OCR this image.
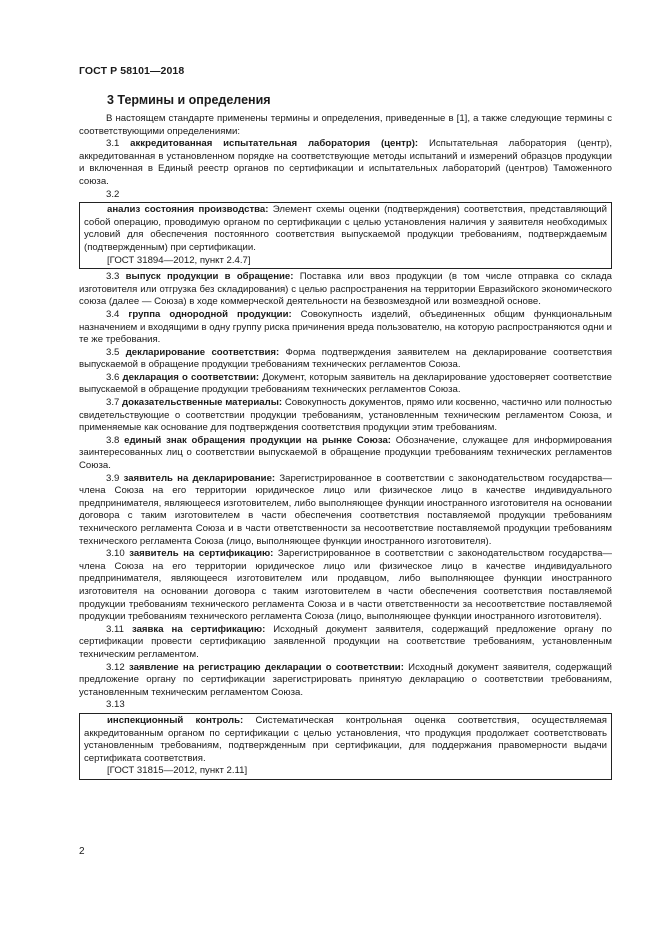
ГОСТ Р 58101—2018
3 Термины и определения

В настоящем стандарте применены термины и определения, приведенные в [1], а также следующие термины с соответствующими определениями:

3.1 аккредитованная испытательная лаборатория (центр): Испытательная лаборатория (центр), аккредитованная в установленном порядке на соответствующие методы испытаний и измерений образцов продукции и включенная в Единый реестр органов по сертификации и испытательных лабораторий (центров) Таможенного союза.

3.2

анализ состояния производства: Элемент схемы оценки (подтверждения) соответствия, представляющий собой операцию, проводимую органом по сертификации с целью установления наличия у заявителя необходимых условий для обеспечения постоянного соответствия выпускаемой продукции требованиям, подтверждаемым (подтвержденным) при сертификации.

[ГОСТ 31894—2012, пункт 2.4.7]

3.3 выпуск продукции в обращение: Поставка или ввоз продукции (в том числе отправка со склада изготовителя или отгрузка без складирования) с целью распространения на территории Евразийского экономического союза (далее — Союза) в ходе коммерческой деятельности на безвозмездной или возмездной основе.

3.4 группа однородной продукции: Совокупность изделий, объединенных общим функциональным назначением и входящими в одну группу риска причинения вреда пользователю, на которую распространяются одни и те же требования.

3.5 декларирование соответствия: Форма подтверждения заявителем на декларирование соответствия выпускаемой в обращение продукции требованиям технических регламентов Союза.

3.6 декларация о соответствии: Документ, которым заявитель на декларирование удостоверяет соответствие выпускаемой в обращение продукции требованиям технических регламентов Союза.

3.7 доказательственные материалы: Совокупность документов, прямо или косвенно, частично или полностью свидетельствующие о соответствии продукции требованиям, установленным техническим регламентом Союза, и применяемые как основание для подтверждения соответствия продукции этим требованиям.

3.8 единый знак обращения продукции на рынке Союза: Обозначение, служащее для информирования заинтересованных лиц о соответствии выпускаемой в обращение продукции требованиям технических регламентов Союза.

3.9 заявитель на декларирование: Зарегистрированное в соответствии с законодательством государства—члена Союза на его территории юридическое лицо или физическое лицо в качестве индивидуального предпринимателя, являющееся изготовителем, либо выполняющее функции иностранного изготовителя на основании договора с таким изготовителем в части обеспечения соответствия поставляемой продукции требованиям технического регламента Союза и в части ответственности за несоответствие поставляемой продукции требованиям технического регламента Союза (лицо, выполняющее функции иностранного изготовителя).

3.10 заявитель на сертификацию: Зарегистрированное в соответствии с законодательством государства—члена Союза на его территории юридическое лицо или физическое лицо в качестве индивидуального предпринимателя, являющееся изготовителем или продавцом, либо выполняющее функции иностранного изготовителя на основании договора с таким изготовителем в части обеспечения соответствия поставляемой продукции требованиям технического регламента Союза и в части ответственности за несоответствие поставляемой продукции требованиям технического регламента Союза (лицо, выполняющее функции иностранного изготовителя).

3.11 заявка на сертификацию: Исходный документ заявителя, содержащий предложение органу по сертификации провести сертификацию заявленной продукции на соответствие требованиям, установленным техническим регламентом.

3.12 заявление на регистрацию декларации о соответствии: Исходный документ заявителя, содержащий предложение органу по сертификации зарегистрировать принятую декларацию о соответствии требованиям, установленным техническим регламентом Союза.

3.13

инспекционный контроль: Систематическая контрольная оценка соответствия, осуществляемая аккредитованным органом по сертификации с целью установления, что продукция продолжает соответствовать установленным требованиям, подтвержденным при сертификации, для поддержания правомерности выдачи сертификата соответствия.

[ГОСТ 31815—2012, пункт 2.11]

2
